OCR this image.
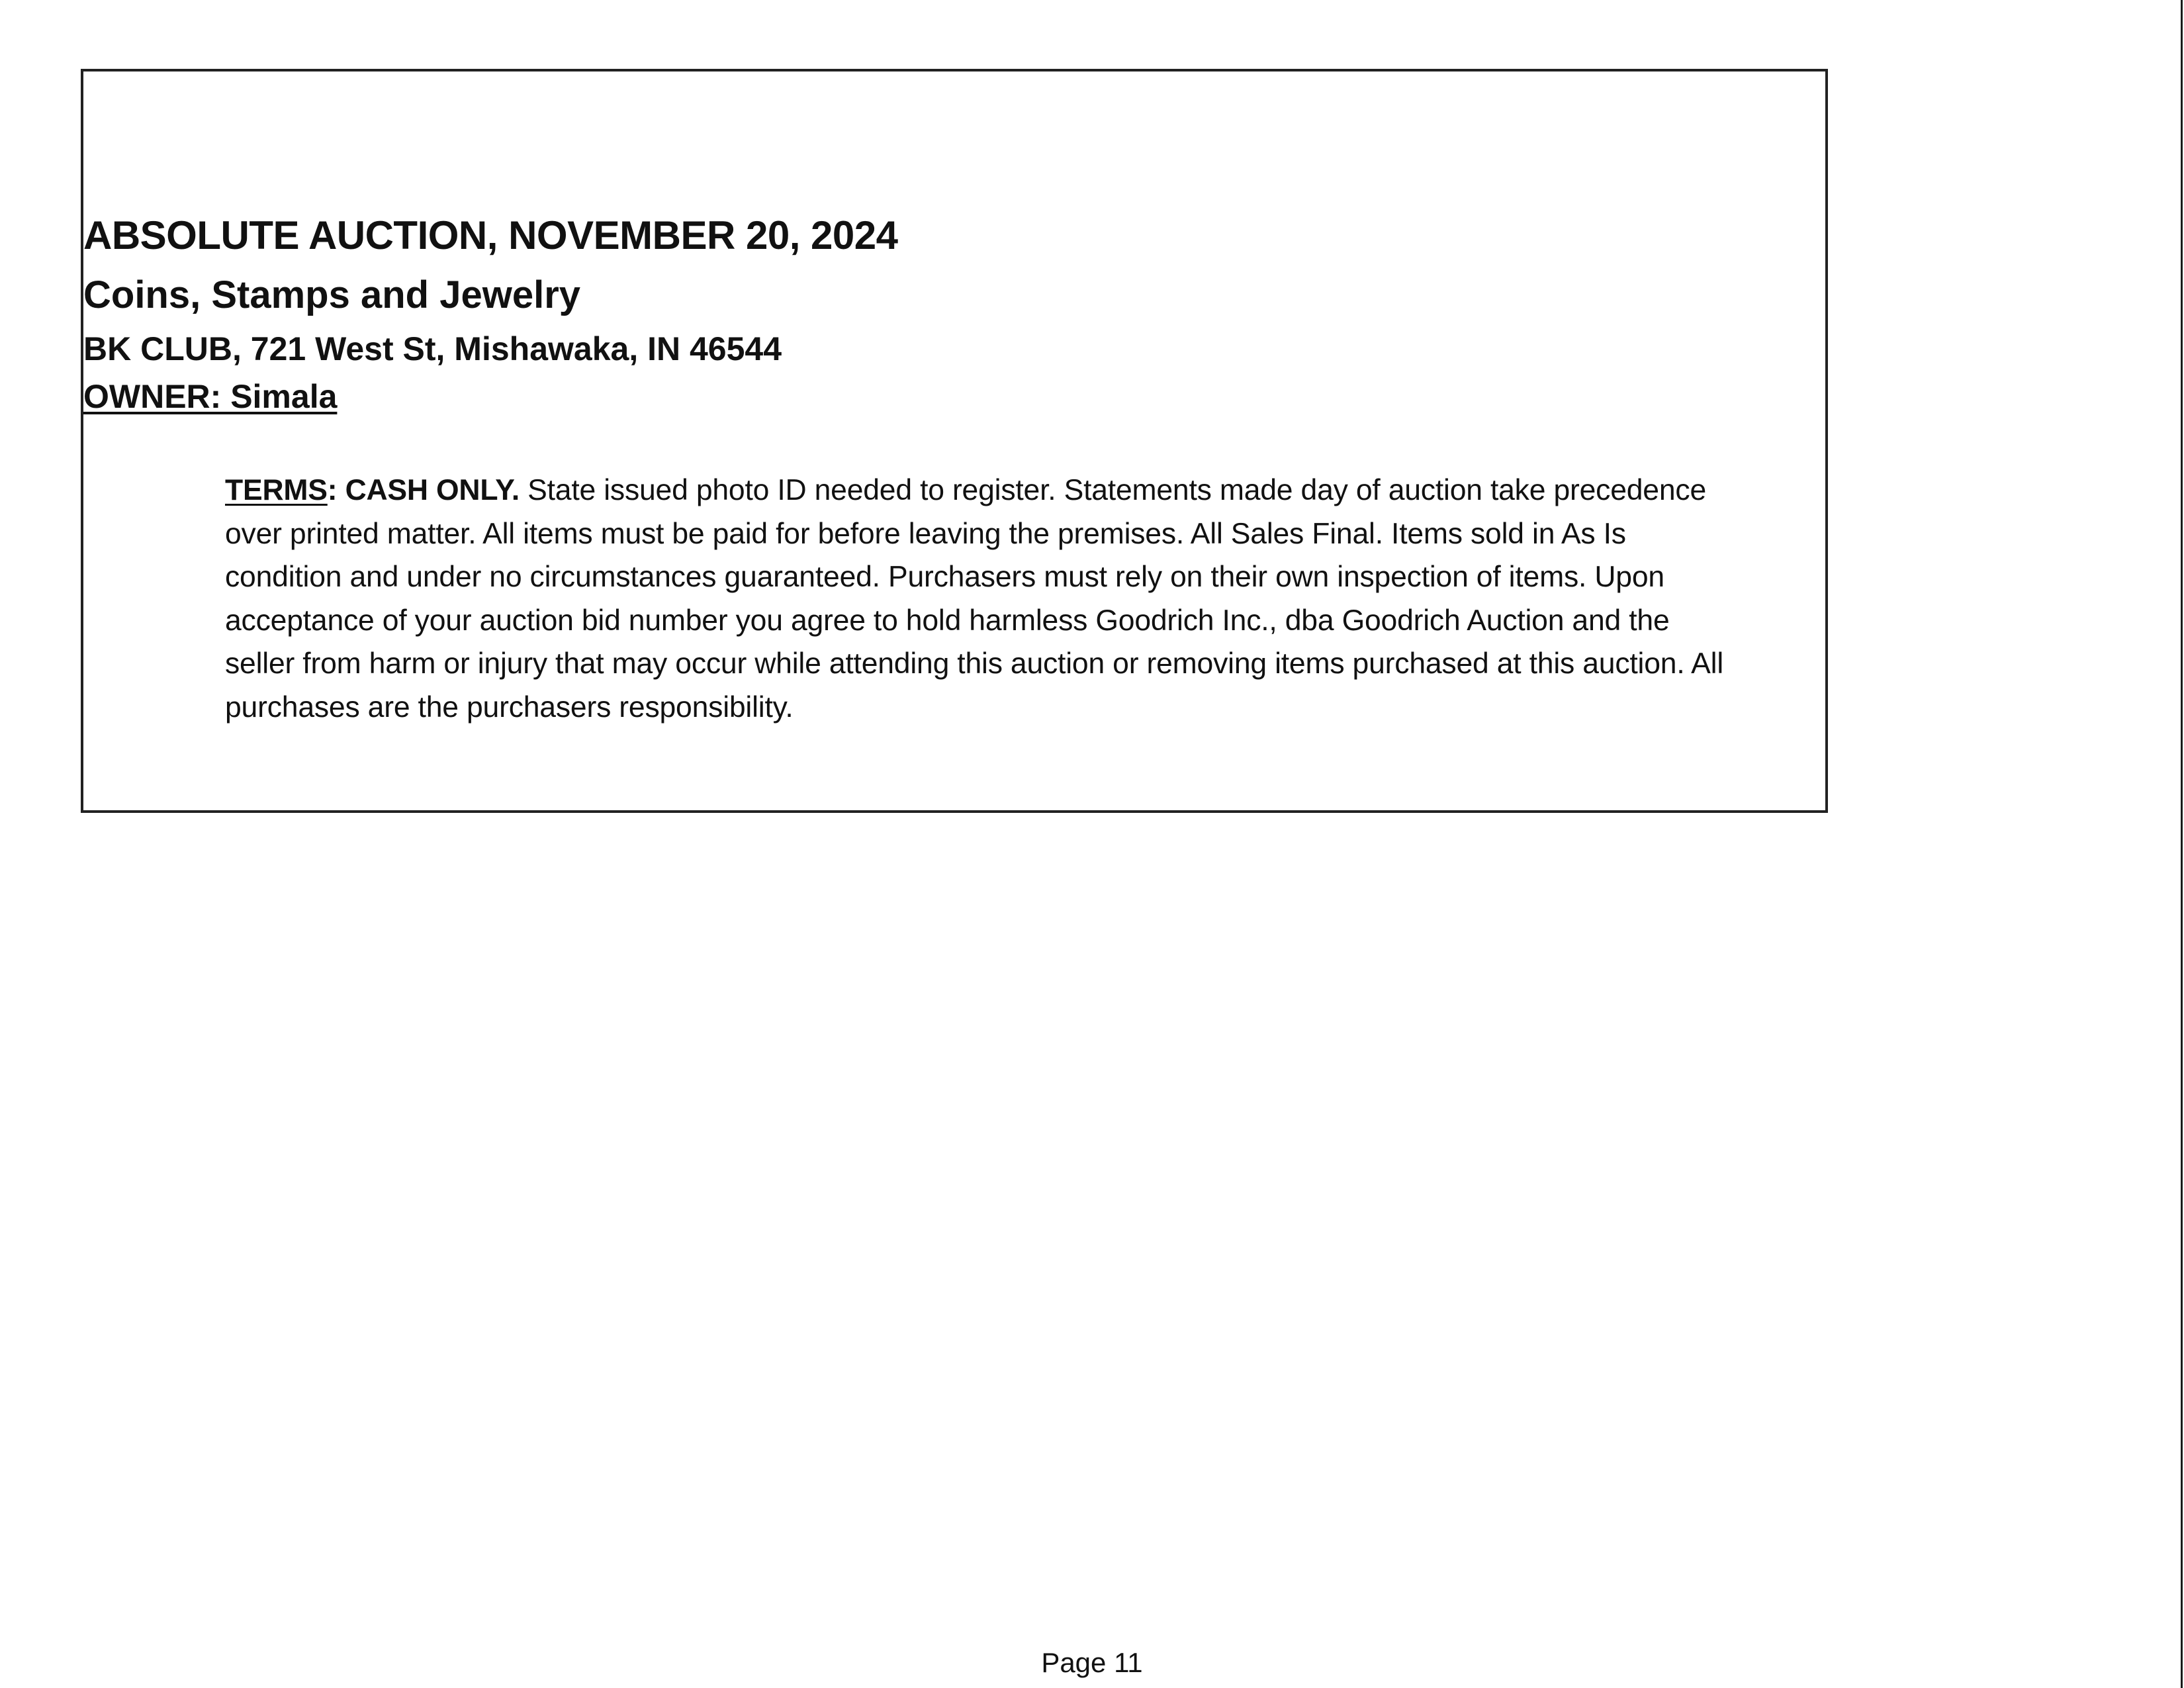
ABSOLUTE AUCTION, NOVEMBER 20, 2024
Coins, Stamps and Jewelry

BK CLUB, 721 West St, Mishawaka, IN 46544

OWNER: Simala

TERMS: CASH ONLY. State issued photo ID needed to register. Statements made day of auction take precedence over printed matter. All items must be paid for before leaving the premises. All Sales Final. Items sold in As Is condition and under no circumstances guaranteed. Purchasers must rely on their own inspection of items. Upon acceptance of your auction bid number you agree to hold harmless Goodrich Inc., dba Goodrich Auction and the seller from harm or injury that may occur while attending this auction or removing items purchased at this auction. All purchases are the purchasers responsibility.

Page 11
